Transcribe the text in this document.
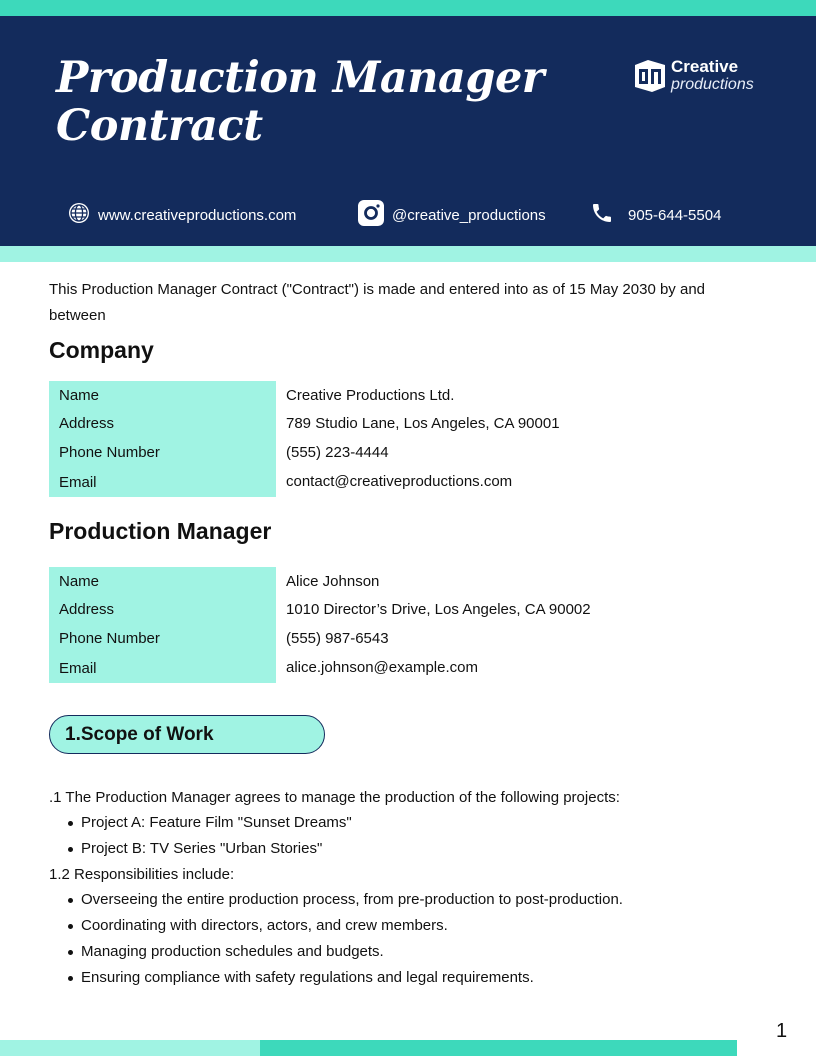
Production Manager
Contract
Creative
productions
www.creativeproductions.com	@creative_productions	905-644-5504
This Production Manager Contract ("Contract") is made and entered into as of 15 May 2030 by and between
Company
Name	Creative Productions Ltd.
Address	789 Studio Lane, Los Angeles, CA 90001
Phone Number	(555) 223-4444
Email	contact@creativeproductions.com
Production Manager
Name	Alice Johnson
Address	1010 Director’s Drive, Los Angeles, CA 90002
Phone Number	(555) 987-6543
Email	alice.johnson@example.com
1.Scope of Work

.1 The Production Manager agrees to manage the production of the following projects:

Project A: Feature Film "Sunset Dreams"
Project B: TV Series "Urban Stories"

1.2 Responsibilities include:

Overseeing the entire production process, from pre-production to post-production.
Coordinating with directors, actors, and crew members.
Managing production schedules and budgets.
Ensuring compliance with safety regulations and legal requirements.
1
